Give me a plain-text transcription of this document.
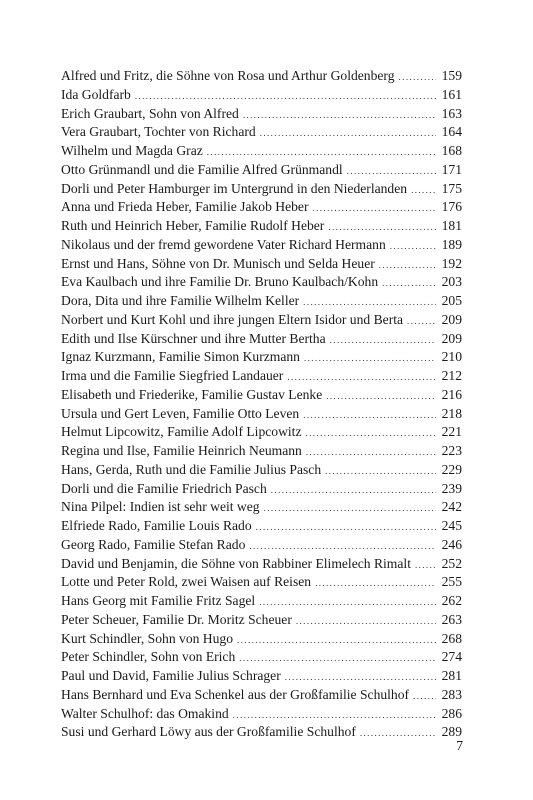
Alfred und Fritz, die Söhne von Rosa und Arthur Goldenberg .....	159
Ida Goldfarb .....	161
Erich Graubart, Sohn von Alfred .....	163
Vera Graubart, Tochter von Richard .....	164
Wilhelm und Magda Graz .....	168
Otto Grünmandl und die Familie Alfred Grünmandl .....	171
Dorli und Peter Hamburger im Untergrund in den Niederlanden .....	175
Anna und Frieda Heber, Familie Jakob Heber .....	176
Ruth und Heinrich Heber, Familie Rudolf Heber .....	181
Nikolaus und der fremd gewordene Vater Richard Hermann .....	189
Ernst und Hans, Söhne von Dr. Munisch und Selda Heuer .....	192
Eva Kaulbach und ihre Familie Dr. Bruno Kaulbach/Kohn .....	203
Dora, Dita und ihre Familie Wilhelm Keller .....	205
Norbert und Kurt Kohl und ihre jungen Eltern Isidor und Berta .....	209
Edith und Ilse Kürschner und ihre Mutter Bertha .....	209
Ignaz Kurzmann, Familie Simon Kurzmann .....	210
Irma und die Familie Siegfried Landauer .....	212
Elisabeth und Friederike, Familie Gustav Lenke .....	216
Ursula und Gert Leven, Familie Otto Leven .....	218
Helmut Lipcowitz, Familie Adolf Lipcowitz .....	221
Regina und Ilse, Familie Heinrich Neumann .....	223
Hans, Gerda, Ruth und die Familie Julius Pasch .....	229
Dorli und die Familie Friedrich Pasch .....	239
Nina Pilpel: Indien ist sehr weit weg .....	242
Elfriede Rado, Familie Louis Rado .....	245
Georg Rado, Familie Stefan Rado .....	246
David und Benjamin, die Söhne von Rabbiner Elimelech Rimalt ..... 252
Lotte und Peter Rold, zwei Waisen auf Reisen .....	255
Hans Georg mit Familie Fritz Sagel .....	262
Peter Scheuer, Familie Dr. Moritz Scheuer .....	263
Kurt Schindler, Sohn von Hugo .....	268
Peter Schindler, Sohn von Erich .....	274
Paul und David, Familie Julius Schrager .....	281
Hans Bernhard und Eva Schenkel aus der Großfamilie Schulhof ..... 283
Walter Schulhof: das Omakind .....	286
Susi und Gerhard Löwy aus der Großfamilie Schulhof .....	289
7
